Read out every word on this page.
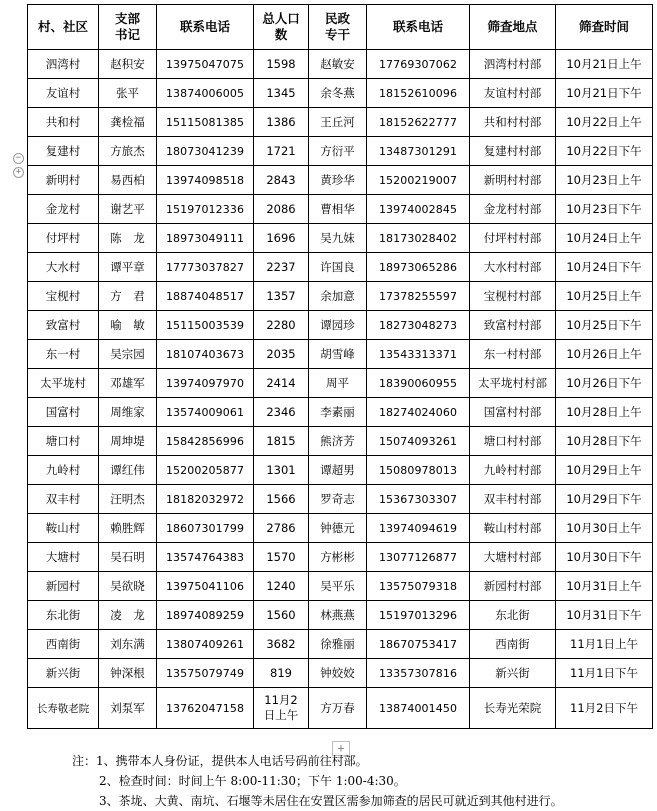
−
+
村、社区	支部书记	联系电话	总人口数	民政专干	联系电话	筛查地点	筛查时间
泗湾村	赵积安	13975047075	1598	赵敏安	17769307062	泗湾村村部	10月21日上午
友谊村	张平	13874006005	1345	余冬燕	18152610096	友谊村村部	10月21日下午
共和村	龚检福	15115081385	1386	王丘河	18152622777	共和村村部	10月22日上午
复建村	方旅杰	18073041239	1721	方衍平	13487301291	复建村村部	10月22日下午
新明村	易西柏	13974098518	2843	黄珍华	15200219007	新明村村部	10月23日上午
金龙村	谢艺平	15197012336	2086	曹相华	13974002845	金龙村村部	10月23日下午
付坪村	陈　龙	18973049111	1696	吴九妹	18173028402	付坪村村部	10月24日上午
大水村	谭平章	17773037827	2237	许国良	18973065286	大水村村部	10月24日下午
宝枧村	方　君	18874048517	1357	余加意	17378255597	宝枧村村部	10月25日上午
致富村	喻　敏	15115003539	2280	谭园珍	18273048273	致富村村部	10月25日下午
东一村	吴宗园	18107403673	2035	胡雪峰	13543313371	东一村村部	10月26日上午
太平垅村	邓雄军	13974097970	2414	周平	18390060955	太平垅村村部	10月26日下午
国富村	周维家	13574009061	2346	李素丽	18274024060	国富村村部	10月28日上午
塘口村	周坤堤	15842856996	1815	熊济芳	15074093261	塘口村村部	10月28日下午
九岭村	谭红伟	15200205877	1301	谭超男	15080978013	九岭村村部	10月29日上午
双丰村	汪明杰	18182032972	1566	罗奇志	15367303307	双丰村村部	10月29日下午
鞍山村	赖胜辉	18607301799	2786	钟德元	13974094619	鞍山村村部	10月30日上午
大塘村	吴石明	13574764383	1570	方彬彬	13077126877	大塘村村部	10月30日下午
新园村	吴欲晓	13975041106	1240	吴平乐	13575079318	新园村村部	10月31日上午
东北街	凌　龙	18974089259	1560	林燕燕	15197013296	东北街	10月31日下午
西南街	刘东满	13807409261	3682	徐雅丽	18670753417	西南街	11月1日上午
新兴街	钟深根	13575079749	819	钟姣姣	13357307816	新兴街	11月1日下午
长寿敬老院	刘泵军	13762047158	11月2日上午	方万春	13874001450	长寿光荣院	11月2日下午
+
注：1、携带本人身份证，提供本人电话号码前往村部。
2、检查时间：时间上午 8:00-11:30；下午 1:00-4:30。
3、茶垅、大黄、南坑、石堰等未居住在安置区需参加筛查的居民可就近到其他村进行。
